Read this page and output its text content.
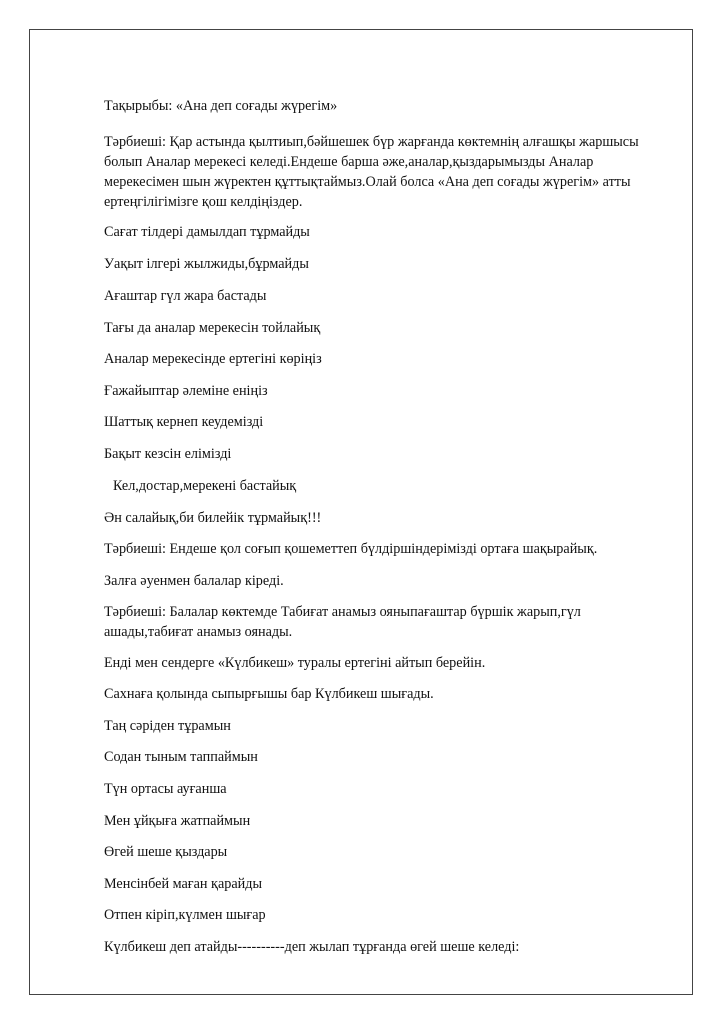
Тақырыбы: «Ана деп соғады жүрегім»

Тәрбиеші: Қар астында қылтиып,бәйшешек бүр жарғанда көктемнің алғашқы жаршысы болып Аналар мерекесі келеді.Ендеше барша әже,аналар,қыздарымызды Аналар мерекесімен шын жүректен құттықтаймыз.Олай болса «Ана деп соғады жүрегім» атты ертеңгілігімізге қош келдіңіздер.

Сағат тілдері дамылдап тұрмайды

Уақыт ілгері жылжиды,бұрмайды

Ағаштар гүл жара бастады

Тағы да аналар мерекесін тойлайық

Аналар мерекесінде ертегіні көріңіз

Ғажайыптар әлеміне еніңіз

Шаттық кернеп кеудемізді

Бақыт кезсін елімізді

Кел,достар,мерекені бастайық

Ән салайық,би билейік тұрмайық!!!

Тәрбиеші: Ендеше қол соғып қошеметтеп бүлдіршіндерімізді ортаға шақырайық.

Залға әуенмен балалар кіреді.

Тәрбиеші: Балалар көктемде Табиғат анамыз ояныпағаштар бүршік жарып,гүл ашады,табиғат анамыз оянады.

Енді мен сендерге «Күлбикеш» туралы ертегіні айтып берейін.

Сахнаға қолында сыпырғышы бар Күлбикеш шығады.

Таң сәріден тұрамын

Содан тыным таппаймын

Түн ортасы ауғанша

Мен ұйқыға жатпаймын

Өгей шеше қыздары

Менсінбей маған қарайды

Отпен кіріп,күлмен шығар

Күлбикеш деп атайды----------деп жылап тұрғанда өгей шеше келеді:
